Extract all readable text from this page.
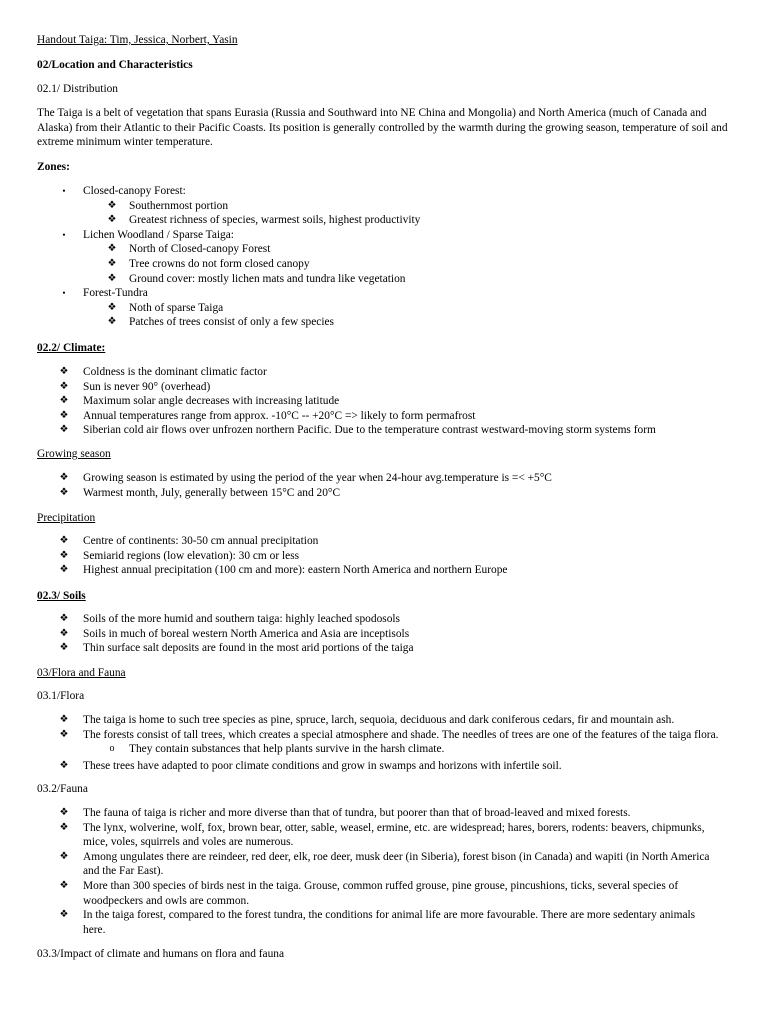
Handout Taiga: Tim, Jessica, Norbert, Yasin

02/Location and Characteristics

02.1/ Distribution

The Taiga is a belt of vegetation that spans Eurasia (Russia and Southward into NE China and Mongolia) and North America (much of Canada and Alaska) from their Atlantic to their Pacific Coasts. Its position is generally controlled by the warmth during the growing season, temperature of soil and extreme minimum winter temperature.

Zones:

•	Closed-canopy Forest:
❖ Southernmost portion
❖ Greatest richness of species, warmest soils, highest productivity
•	Lichen Woodland / Sparse Taiga:
❖ North of Closed-canopy Forest
❖ Tree crowns do not form closed canopy
❖ Ground cover: mostly lichen mats and tundra like vegetation
•	Forest-Tundra
❖ Noth of sparse Taiga
❖ Patches of trees consist of only a few species

02.2/ Climate:

❖ Coldness is the dominant climatic factor
❖ Sun is never 90° (overhead)
❖ Maximum solar angle decreases with increasing latitude
❖ Annual temperatures range from approx. -10°C -- +20°C => likely to form permafrost
❖ Siberian cold air flows over unfrozen northern Pacific. Due to the temperature contrast westward-moving storm systems form

Growing season

❖ Growing season is estimated by using the period of the year when 24-hour avg.temperature is =< +5°C
❖ Warmest month, July, generally between 15°C and 20°C

Precipitation

❖ Centre of continents: 30-50 cm annual precipitation
❖ Semiarid regions (low elevation): 30 cm or less
❖ Highest annual precipitation (100 cm and more): eastern North America and northern Europe

02.3/ Soils

❖ Soils of the more humid and southern taiga: highly leached spodosols
❖ Soils in much of boreal western North America and Asia are inceptisols
❖ Thin surface salt deposits are found in the most arid portions of the taiga

03/Flora and Fauna

03.1/Flora

❖ The taiga is home to such tree species as pine, spruce, larch, sequoia, deciduous and dark coniferous cedars, fir and mountain ash.
❖ The forests consist of tall trees, which creates a special atmosphere and shade. The needles of trees are one of the features of the taiga flora.
o	They contain substances that help plants survive in the harsh climate.
❖ These trees have adapted to poor climate conditions and grow in swamps and horizons with infertile soil.

03.2/Fauna

❖ The fauna of taiga is richer and more diverse than that of tundra, but poorer than that of broad-leaved and mixed forests.
❖ The lynx, wolverine, wolf, fox, brown bear, otter, sable, weasel, ermine, etc. are widespread; hares, borers, rodents: beavers, chipmunks, mice, voles, squirrels and voles are numerous.
❖ Among ungulates there are reindeer, red deer, elk, roe deer, musk deer (in Siberia), forest bison (in Canada) and wapiti (in North America and the Far East).
❖ More than 300 species of birds nest in the taiga. Grouse, common ruffed grouse, pine grouse, pincushions, ticks, several species of woodpeckers and owls are common.
❖ In the taiga forest, compared to the forest tundra, the conditions for animal life are more favourable. There are more sedentary animals here.

03.3/Impact of climate and humans on flora and fauna
